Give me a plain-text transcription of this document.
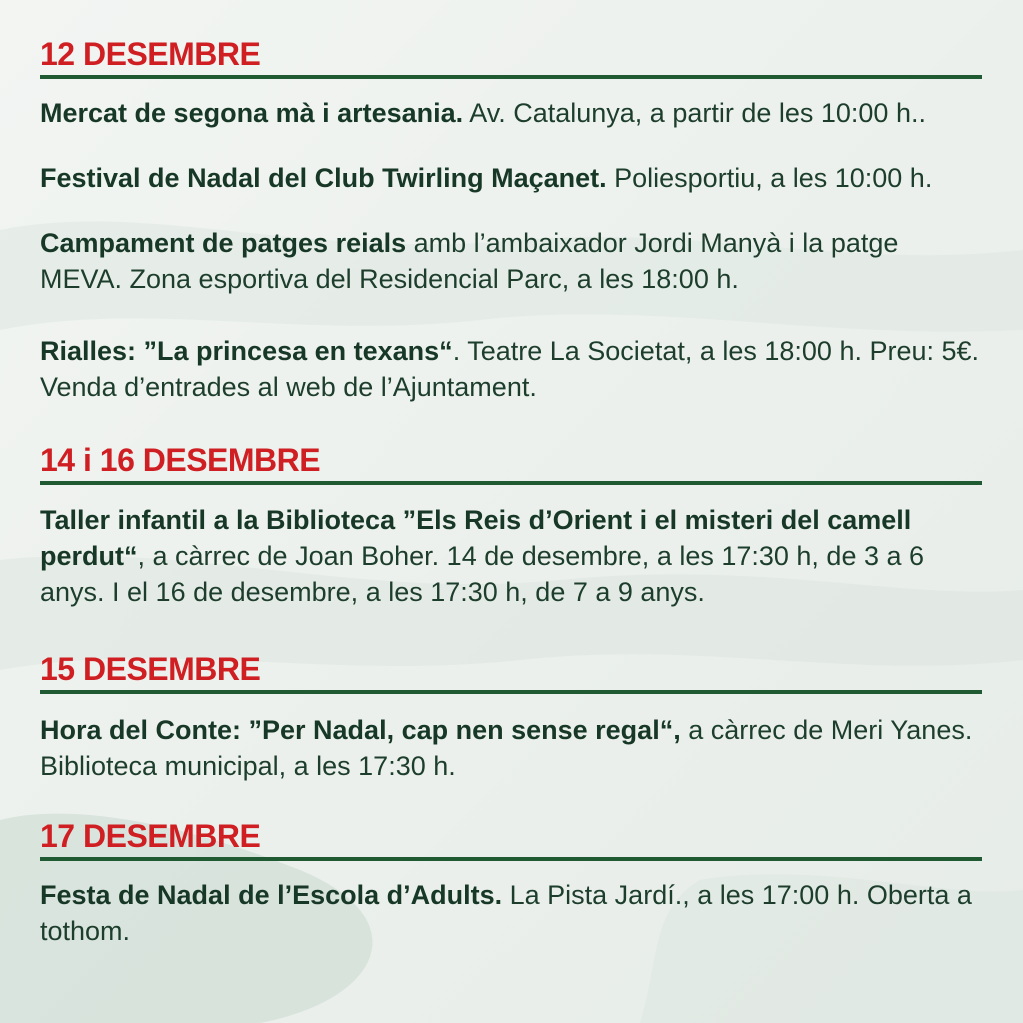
12 DESEMBRE

Mercat de segona mà i artesania. Av. Catalunya, a partir de les 10:00 h..

Festival de Nadal del Club Twirling Maçanet. Poliesportiu, a les 10:00 h.

Campament de patges reials amb l’ambaixador Jordi Manyà i la patge MEVA. Zona esportiva del Residencial Parc, a les 18:00 h.

Rialles: ”La princesa en texans“. Teatre La Societat, a les 18:00 h. Preu: 5€. Venda d’entrades al web de l’Ajuntament.

14 i 16 DESEMBRE

Taller infantil a la Biblioteca ”Els Reis d’Orient i el misteri del camell perdut“, a càrrec de Joan Boher. 14 de desembre, a les 17:30 h, de 3 a 6 anys. I el 16 de desembre, a les 17:30 h, de 7 a 9 anys.

15 DESEMBRE

Hora del Conte: ”Per Nadal, cap nen sense regal“, a càrrec de Meri Yanes. Biblioteca municipal, a les 17:30 h.

17 DESEMBRE

Festa de Nadal de l’Escola d’Adults. La Pista Jardí., a les 17:00 h. Oberta a tothom.
